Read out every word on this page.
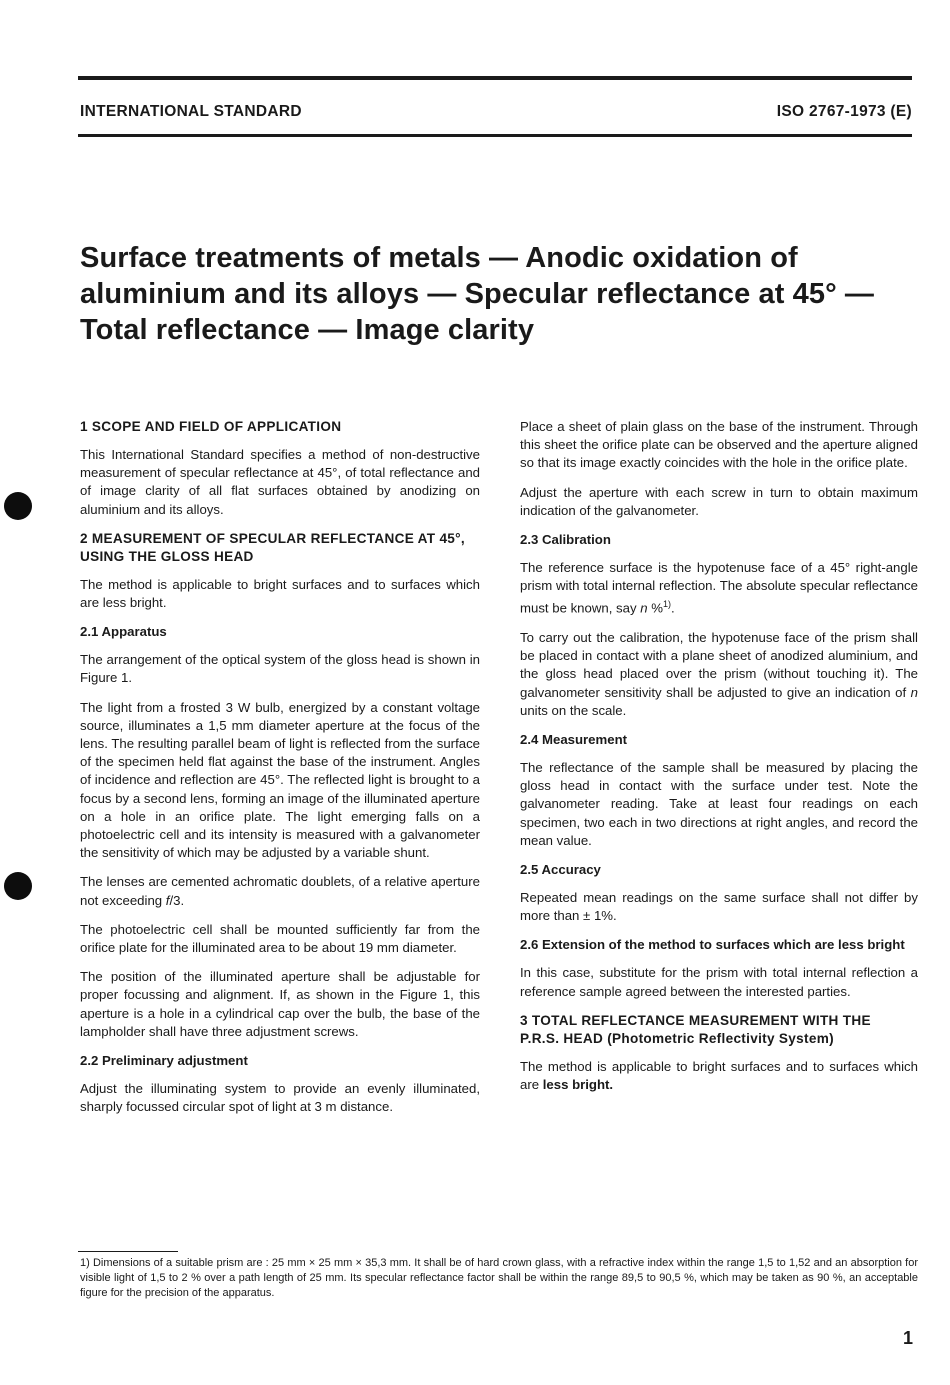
INTERNATIONAL STANDARD	ISO 2767-1973 (E)
Surface treatments of metals — Anodic oxidation of
aluminium and its alloys — Specular reflectance at 45° —
Total reflectance — Image clarity
1 SCOPE AND FIELD OF APPLICATION

This International Standard specifies a method of non-destructive measurement of specular reflectance at 45°, of total reflectance and of image clarity of all flat surfaces obtained by anodizing on aluminium and its alloys.

2 MEASUREMENT OF SPECULAR REFLECTANCE AT 45°, USING THE GLOSS HEAD

The method is applicable to bright surfaces and to surfaces which are less bright.

2.1 Apparatus

The arrangement of the optical system of the gloss head is shown in Figure 1.

The light from a frosted 3 W bulb, energized by a constant voltage source, illuminates a 1,5 mm diameter aperture at the focus of the lens. The resulting parallel beam of light is reflected from the surface of the specimen held flat against the base of the instrument. Angles of incidence and reflection are 45°. The reflected light is brought to a focus by a second lens, forming an image of the illuminated aperture on a hole in an orifice plate. The light emerging falls on a photoelectric cell and its intensity is measured with a galvanometer the sensitivity of which may be adjusted by a variable shunt.

The lenses are cemented achromatic doublets, of a relative aperture not exceeding f/3.

The photoelectric cell shall be mounted sufficiently far from the orifice plate for the illuminated area to be about 19 mm diameter.

The position of the illuminated aperture shall be adjustable for proper focussing and alignment. If, as shown in the Figure 1, this aperture is a hole in a cylindrical cap over the bulb, the base of the lampholder shall have three adjustment screws.

2.2 Preliminary adjustment

Adjust the illuminating system to provide an evenly illuminated, sharply focussed circular spot of light at 3 m distance.

Place a sheet of plain glass on the base of the instrument. Through this sheet the orifice plate can be observed and the aperture aligned so that its image exactly coincides with the hole in the orifice plate.

Adjust the aperture with each screw in turn to obtain maximum indication of the galvanometer.

2.3 Calibration

The reference surface is the hypotenuse face of a 45° right-angle prism with total internal reflection. The absolute specular reflectance must be known, say n %$^{1)}$.

To carry out the calibration, the hypotenuse face of the prism shall be placed in contact with a plane sheet of anodized aluminium, and the gloss head placed over the prism (without touching it). The galvanometer sensitivity shall be adjusted to give an indication of n units on the scale.

2.4 Measurement

The reflectance of the sample shall be measured by placing the gloss head in contact with the surface under test. Note the galvanometer reading. Take at least four readings on each specimen, two each in two directions at right angles, and record the mean value.

2.5 Accuracy

Repeated mean readings on the same surface shall not differ by more than ± 1%.

2.6 Extension of the method to surfaces which are less bright

In this case, substitute for the prism with total internal reflection a reference sample agreed between the interested parties.

3 TOTAL REFLECTANCE MEASUREMENT WITH THE
P.R.S. HEAD (Photometric Reflectivity System)

The method is applicable to bright surfaces and to surfaces which are less bright.

1) Dimensions of a suitable prism are : 25 mm × 25 mm × 35,3 mm. It shall be of hard crown glass, with a refractive index within the range 1,5 to 1,52 and an absorption for visible light of 1,5 to 2 % over a path length of 25 mm. Its specular reflectance factor shall be within the range 89,5 to 90,5 %, which may be taken as 90 %, an acceptable figure for the precision of the apparatus.

1
